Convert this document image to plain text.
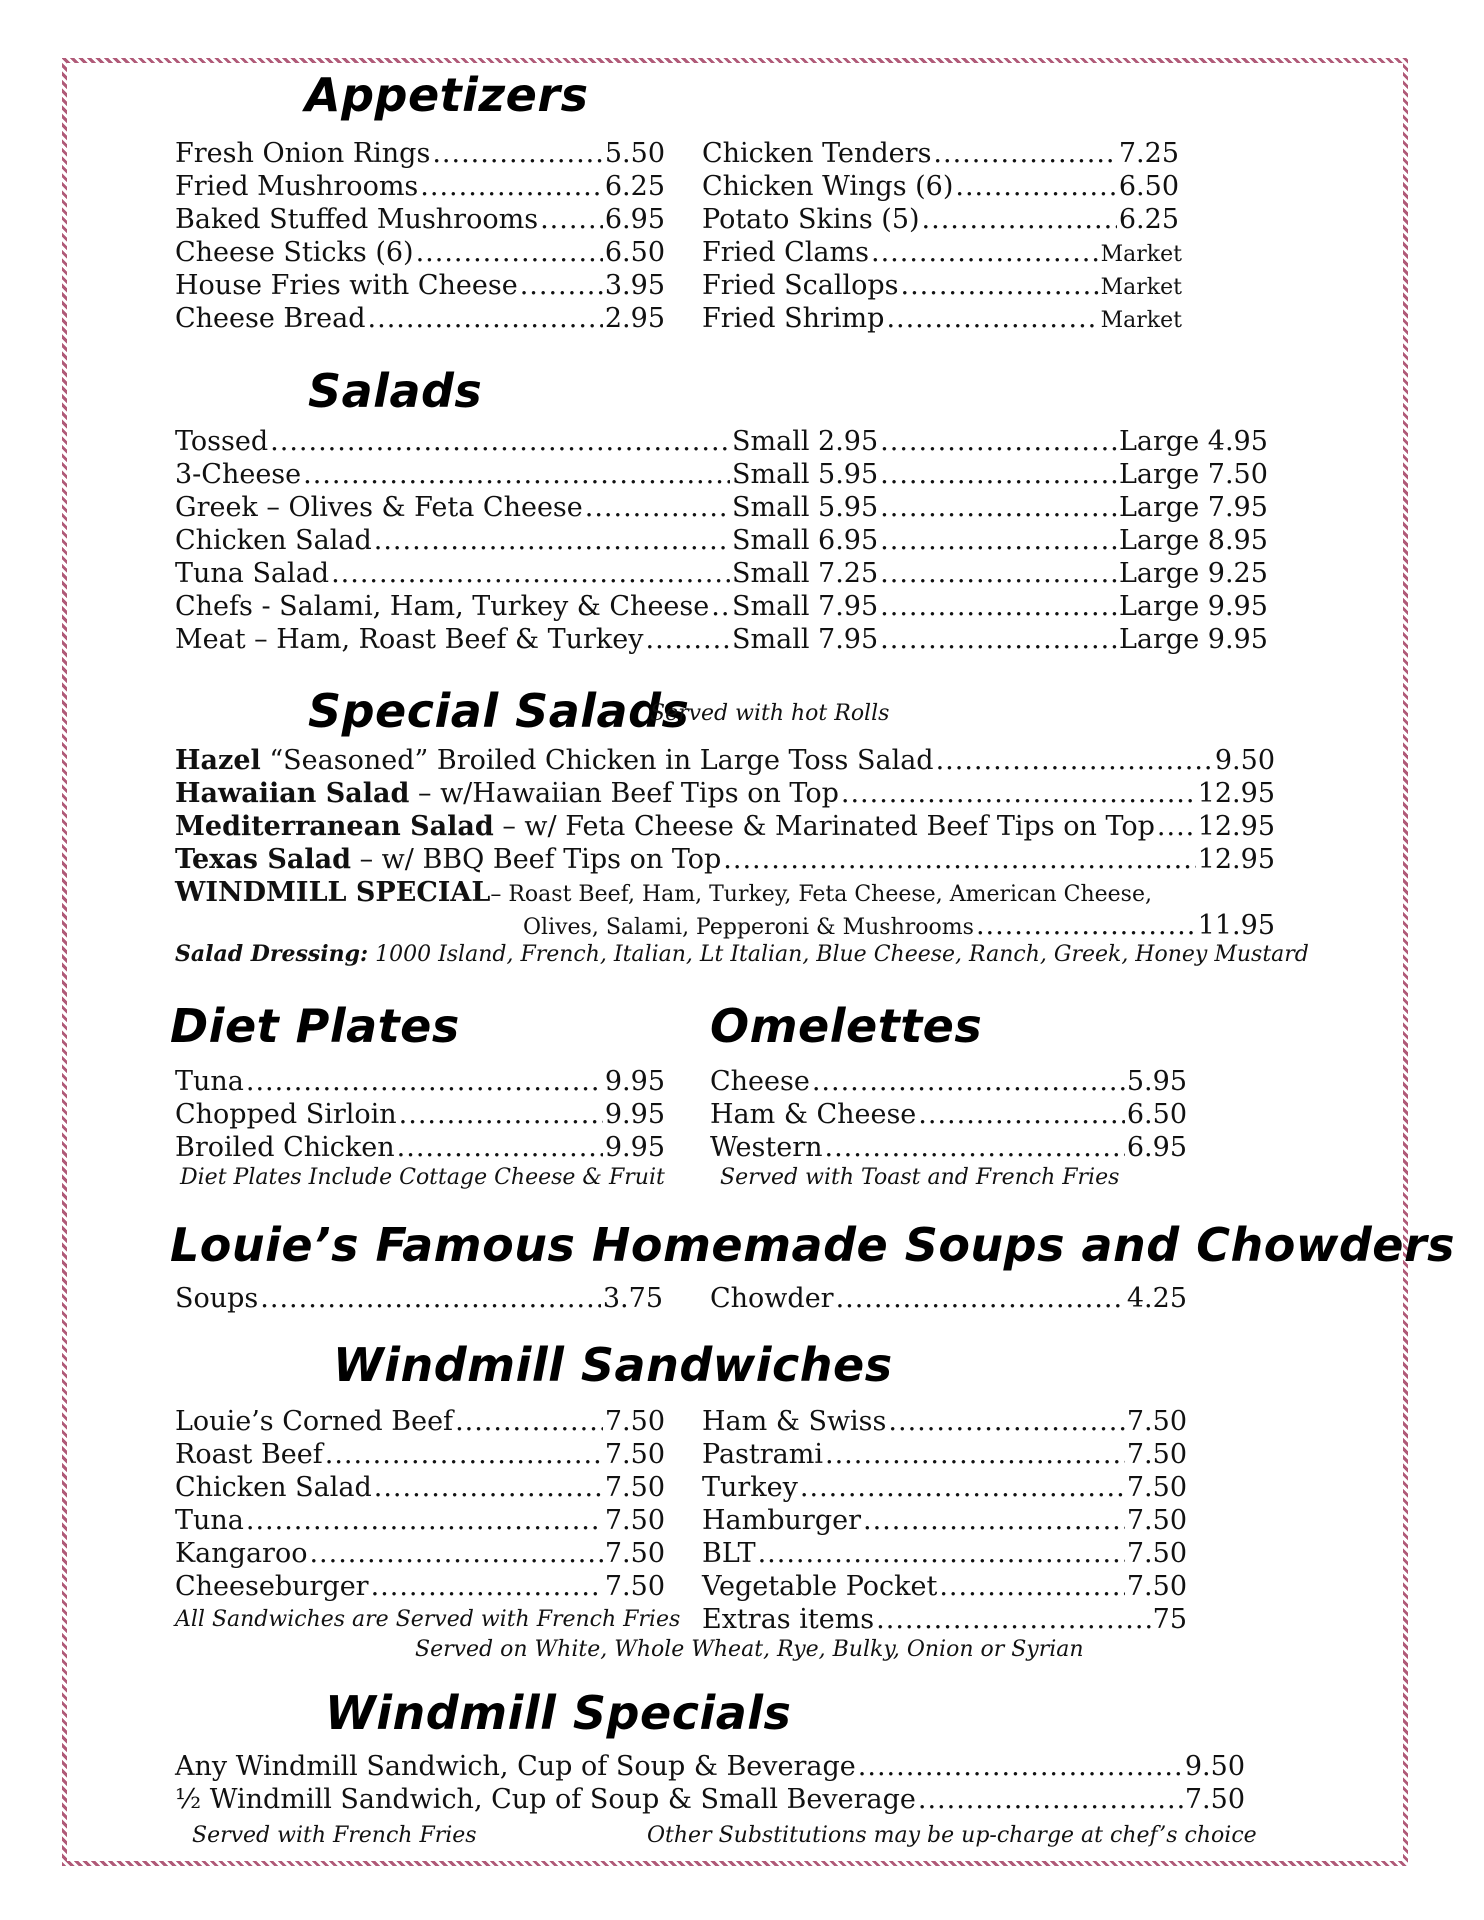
Appetizers
Fresh Onion Rings .....	5.50
Fried Mushrooms .....	6.25
Baked Stuffed Mushrooms ..... 6.95
Cheese Sticks (6) .....	6.50
House Fries with Cheese .....	3.95
Cheese Bread .....	2.95
Chicken Tenders .....	7.25
Chicken Wings (6) .....	6.50
Potato Skins (5) .....	6.25
Fried Clams .....	Market
Fried Scallops .....	Market
Fried Shrimp .....	Market
Salads
Tossed .....	Small 2.95 .....	Large 4.95
3-Cheese .....	Small 5.95 .....	Large 7.50
Greek – Olives & Feta Cheese .....	Small 5.95 .....	Large 7.95
Chicken Salad .....	Small 6.95 .....	Large 8.95
Tuna Salad .....	Small 7.25 .....	Large 9.25
Chefs - Salami, Ham, Turkey & Cheese ..... Small 7.95 .....	Large 9.95
Meat – Ham, Roast Beef & Turkey .....	Small 7.95 .....	Large 9.95
Special Salads
Served with hot Rolls
Hazel “Seasoned” Broiled Chicken in Large Toss Salad .....	9.50
Hawaiian Salad – w/Hawaiian Beef Tips on Top .....	12.95
Mediterranean Salad – w/ Feta Cheese & Marinated Beef Tips on Top ..... 12.95
Texas Salad – w/ BBQ Beef Tips on Top .....	12.95
WINDMILL SPECIAL – Roast Beef, Ham, Turkey, Feta Cheese, American Cheese,
Olives, Salami, Pepperoni & Mushrooms .....	11.95
Salad Dressing: 1000 Island, French, Italian, Lt Italian, Blue Cheese, Ranch, Greek, Honey Mustard
Diet Plates	Omelettes
Tuna .....	9.95
Chopped Sirloin .....	9.95
Broiled Chicken .....	9.95
Cheese .....	5.95
Ham & Cheese .....	6.50
Western .....	6.95
Diet Plates Include Cottage Cheese & Fruit	Served with Toast and French Fries
Louie’s Famous Homemade Soups and Chowders
Soups .....	3.75 Chowder .....	4.25
Windmill Sandwiches
Louie’s Corned Beef .....	7.50
Roast Beef .....	7.50
Chicken Salad .....	7.50
Tuna .....	7.50
Kangaroo .....	7.50
Cheeseburger .....	7.50
Ham & Swiss .....	7.50
Pastrami .....	7.50
Turkey .....	7.50
Hamburger .....	7.50
BLT .....	7.50
Vegetable Pocket .....	7.50
Extras items .....	75
All Sandwiches are Served with French Fries
Served on White, Whole Wheat, Rye, Bulky, Onion or Syrian
Windmill Specials
Any Windmill Sandwich, Cup of Soup & Beverage .....	9.50
½ Windmill Sandwich, Cup of Soup & Small Beverage .....	7.50
Served with French Fries	Other Substitutions may be up-charge at chef’s choice
